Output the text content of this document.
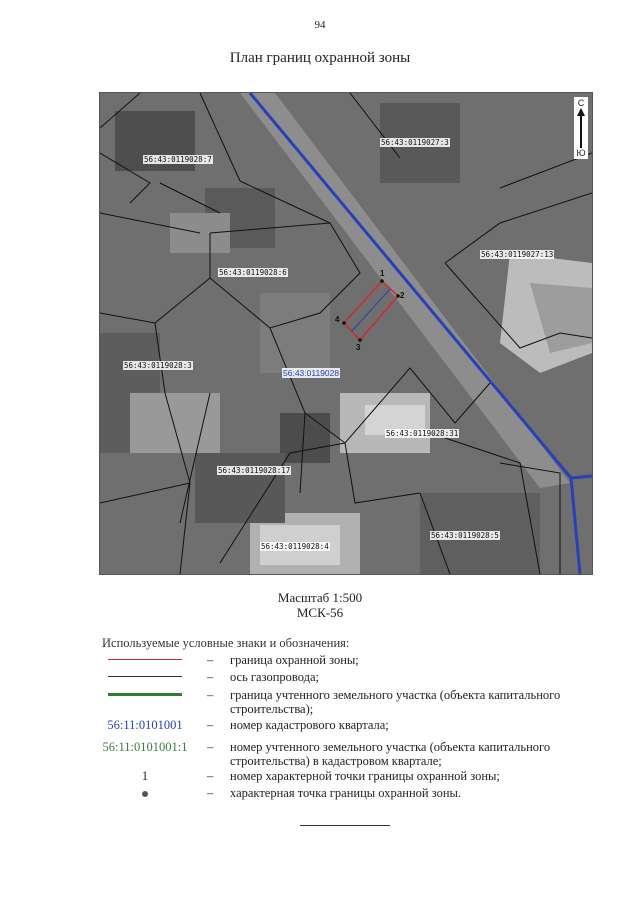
94
План границ охранной зоны
56:43:0119028:7
56:43:0119027:3
56:43:0119027:13
56:43:0119028:6
56:43:0119028:3
56:43:0119028:31
56:43:0119028:17
56:43:0119028:4
56:43:0119028:5
56:43:0119028
1
2
3
4
С
Ю
Масштаб 1:500
МСК-56
Используемые условные знаки и обозначения:
– граница охранной зоны;
– ось газопровода;
– граница учтенного земельного участка (объекта капитального строительства);
56:11:0101001	– номер кадастрового квартала;
56:11:0101001:1 – номер учтенного земельного участка (объекта капитального строительства) в кадастровом квартале;
1	– номер характерной точки границы охранной зоны;
– характерная точка границы охранной зоны.
